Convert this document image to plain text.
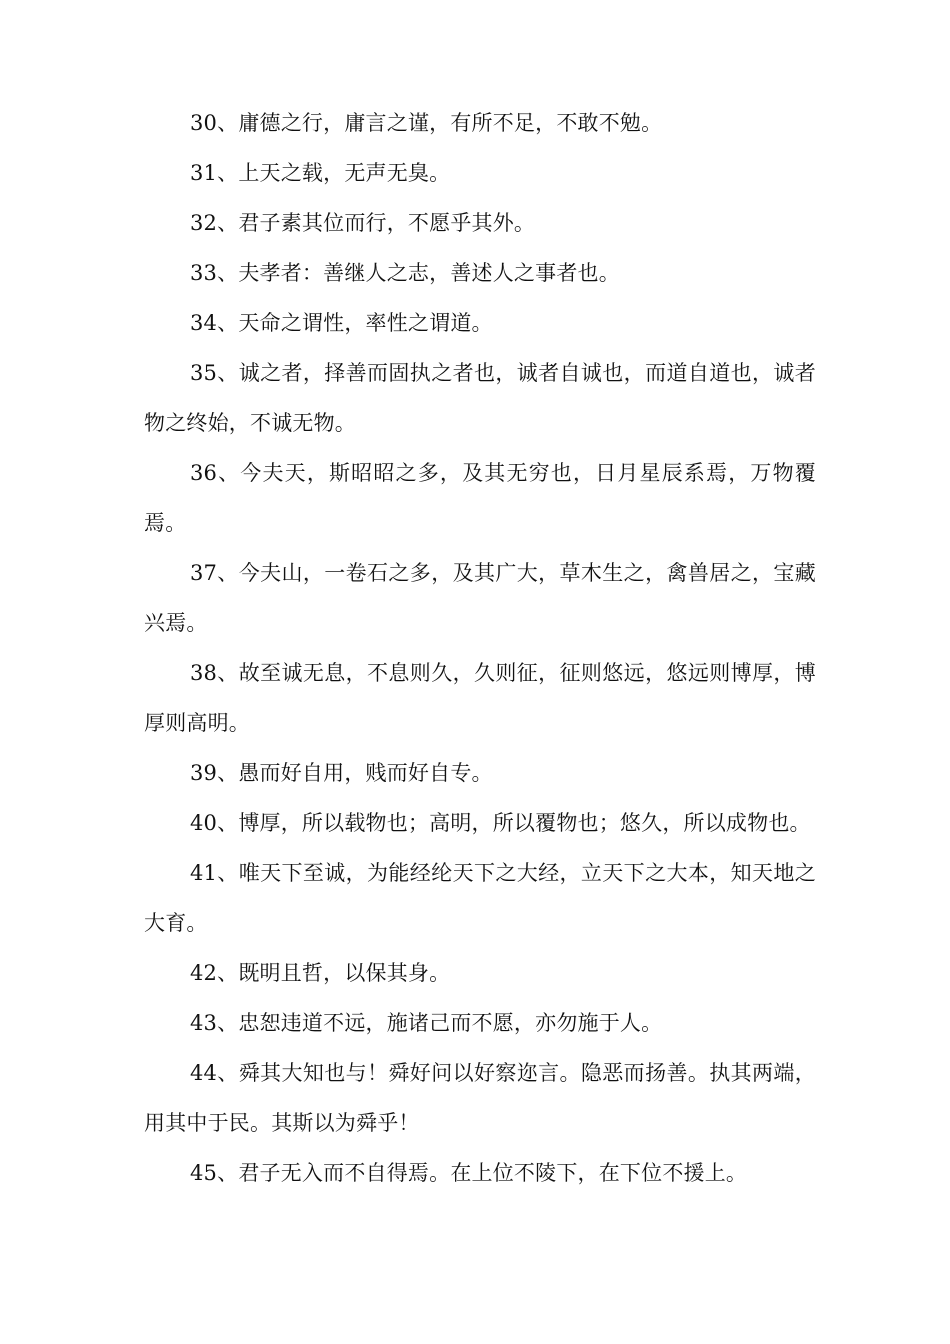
30、庸德之行，庸言之谨，有所不足，不敢不勉。

31、上天之载，无声无臭。

32、君子素其位而行，不愿乎其外。

33、夫孝者：善继人之志，善述人之事者也。

34、天命之谓性，率性之谓道。

35、诚之者，择善而固执之者也，诚者自诚也，而道自道也，诚者物之终始，不诚无物。

36、今夫天，斯昭昭之多，及其无穷也，日月星辰系焉，万物覆焉。

37、今夫山，一卷石之多，及其广大，草木生之，禽兽居之，宝藏兴焉。

38、故至诚无息，不息则久，久则征，征则悠远，悠远则博厚，博厚则高明。

39、愚而好自用，贱而好自专。

40、博厚，所以载物也；高明，所以覆物也；悠久，所以成物也。

41、唯天下至诚，为能经纶天下之大经，立天下之大本，知天地之大育。

42、既明且哲，以保其身。

43、忠恕违道不远，施诸己而不愿，亦勿施于人。

44、舜其大知也与！舜好问以好察迩言。隐恶而扬善。执其两端，用其中于民。其斯以为舜乎！

45、君子无入而不自得焉。在上位不陵下，在下位不援上。
